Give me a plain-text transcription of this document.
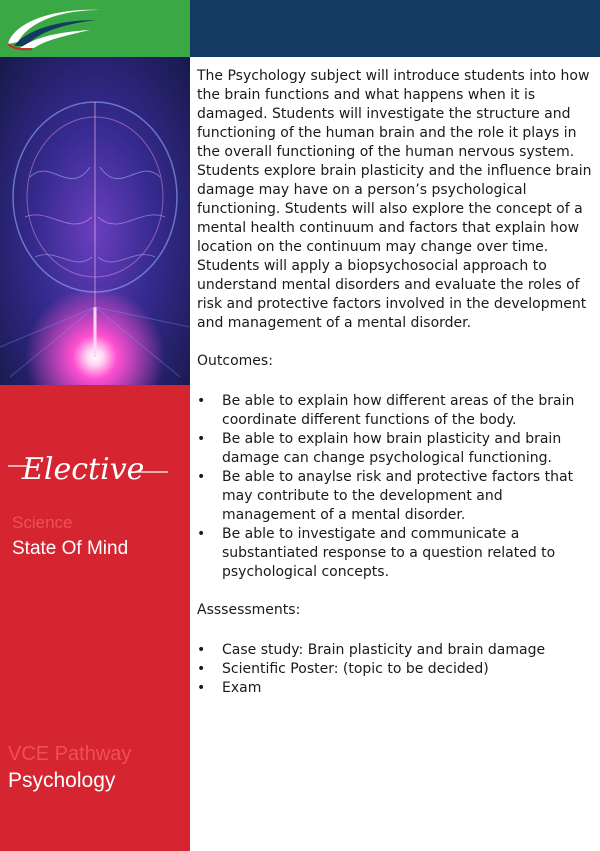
Elective
Science
State Of Mind
VCE Pathway
Psychology

The Psychology subject will introduce students into how the brain functions and what happens when it is damaged. Students will investigate the structure and functioning of the human brain and the role it plays in the overall functioning of the human nervous system. Students explore brain plasticity and the influence brain damage may have on a person’s psychological functioning. Students will also explore the concept of a mental health continuum and factors that explain how location on the continuum may change over time. Students will apply a biopsychosocial approach to understand mental disorders and evaluate the roles of risk and protective factors involved in the development and management of a mental disorder.

Outcomes:

• Be able to explain how different areas of the brain coordinate different functions of the body.
• Be able to explain how brain plasticity and brain damage can change psychological functioning.
• Be able to anaylse risk and protective factors that may contribute to the development and management of a mental disorder.
• Be able to investigate and communicate a substantiated response to a question related to psychological concepts.

Asssessments:

• Case study: Brain plasticity and brain damage
• Scientific Poster: (topic to be decided)
• Exam
